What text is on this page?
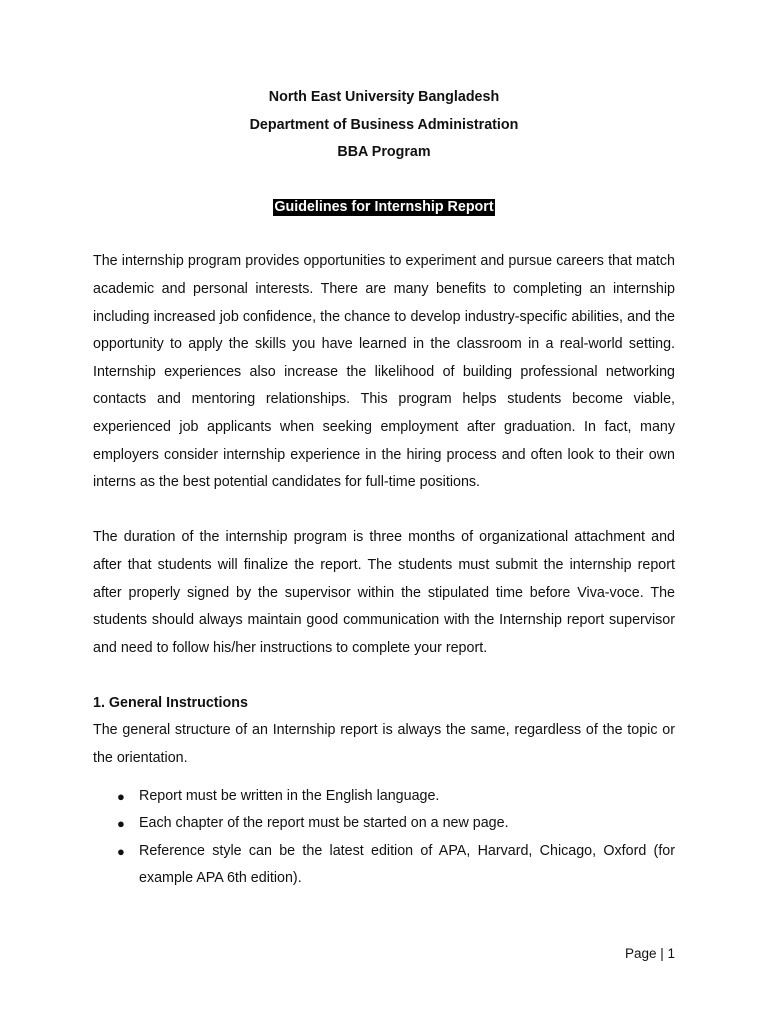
North East University Bangladesh

Department of Business Administration

BBA Program

Guidelines for Internship Report

The internship program provides opportunities to experiment and pursue careers that match academic and personal interests. There are many benefits to completing an internship including increased job confidence, the chance to develop industry-specific abilities, and the opportunity to apply the skills you have learned in the classroom in a real-world setting. Internship experiences also increase the likelihood of building professional networking contacts and mentoring relationships. This program helps students become viable, experienced job applicants when seeking employment after graduation. In fact, many employers consider internship experience in the hiring process and often look to their own interns as the best potential candidates for full-time positions.

The duration of the internship program is three months of organizational attachment and after that students will finalize the report. The students must submit the internship report after properly signed by the supervisor within the stipulated time before Viva-voce. The students should always maintain good communication with the Internship report supervisor and need to follow his/her instructions to complete your report.

1. General Instructions

The general structure of an Internship report is always the same, regardless of the topic or the orientation.

● Report must be written in the English language.
● Each chapter of the report must be started on a new page.
● Reference style can be the latest edition of APA, Harvard, Chicago, Oxford (for example APA 6th edition).
Page | 1
